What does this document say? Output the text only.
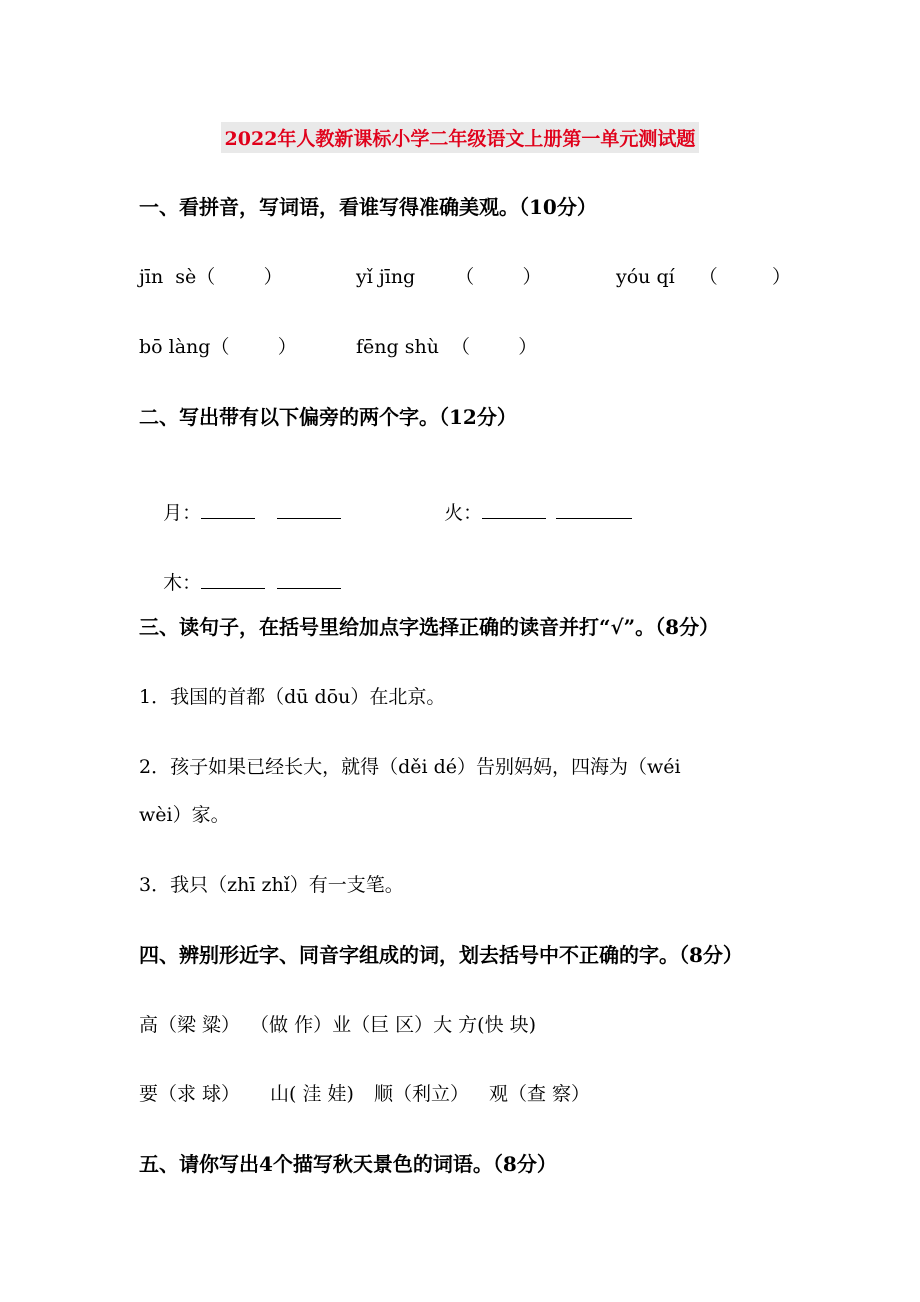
2022年人教新课标小学二年级语文上册第一单元测试题
一、看拼音，写词语，看谁写得准确美观。（10分）
jīn  sè（        ）	yǐ jīng （        ）	yóu qí （         ）
bō làng（        ）	fēng shù （        ）
二、写出带有以下偏旁的两个字。（12分）

月：
	火：

木：

三、读句子，在括号里给加点字选择正确的读音并打“√”。（8分）
1．我国的首都（dū dōu）在北京。
2．孩子如果已经长大，就得（děi dé）告别妈妈，四海为（wéi
wèi）家。
3．我只（zhī zhǐ）有一支笔。
四、辨别形近字、同音字组成的词，划去括号中不正确的字。（8分）
高（梁 粱） （做 作）业（巨 区）大 方(快 块)
要（求 球） 山( 洼 娃) 顺（利立） 观（查 察）
五、请你写出4个描写秋天景色的词语。（8分）
